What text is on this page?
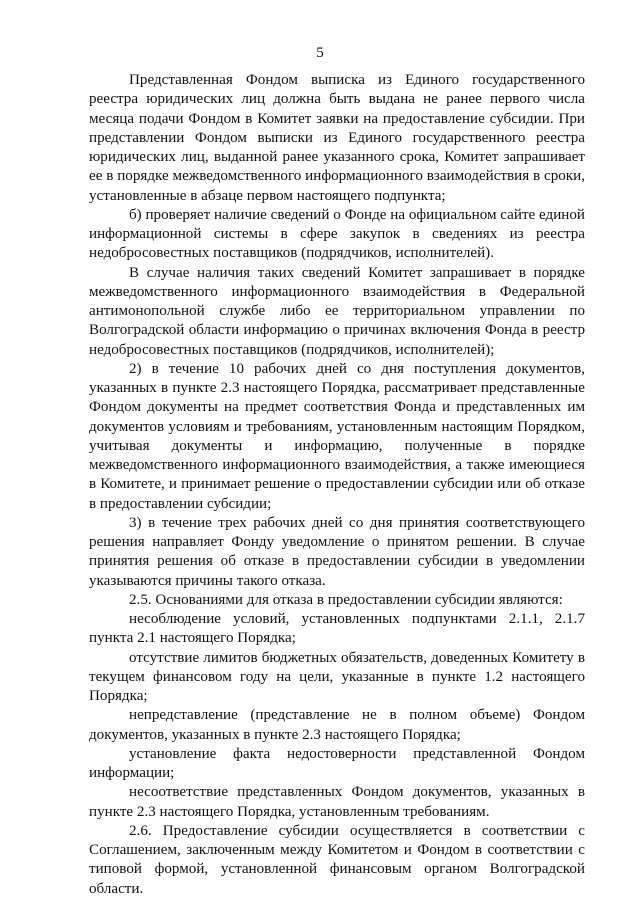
5

Представленная Фондом выписка из Единого государственного реестра юридических лиц должна быть выдана не ранее первого числа месяца подачи Фондом в Комитет заявки на предоставление субсидии. При представлении Фондом выписки из Единого государственного реестра юридических лиц, выданной ранее указанного срока, Комитет запрашивает ее в порядке межведомственного информационного взаимодействия в сроки, установленные в абзаце первом настоящего подпункта;

б) проверяет наличие сведений о Фонде на официальном сайте единой информационной системы в сфере закупок в сведениях из реестра недобросовестных поставщиков (подрядчиков, исполнителей).

В случае наличия таких сведений Комитет запрашивает в порядке межведомственного информационного взаимодействия в Федеральной антимонопольной службе либо ее территориальном управлении по Волгоградской области информацию о причинах включения Фонда в реестр недобросовестных поставщиков (подрядчиков, исполнителей);

2) в течение 10 рабочих дней со дня поступления документов, указанных в пункте 2.3 настоящего Порядка, рассматривает представленные Фондом документы на предмет соответствия Фонда и представленных им документов условиям и требованиям, установленным настоящим Порядком, учитывая документы и информацию, полученные в порядке межведомственного информационного взаимодействия, а также имеющиеся в Комитете, и принимает решение о предоставлении субсидии или об отказе в предоставлении субсидии;

3) в течение трех рабочих дней со дня принятия соответствующего решения направляет Фонду уведомление о принятом решении. В случае принятия решения об отказе в предоставлении субсидии в уведомлении указываются причины такого отказа.

2.5. Основаниями для отказа в предоставлении субсидии являются:

несоблюдение условий, установленных подпунктами 2.1.1, 2.1.7 пункта 2.1 настоящего Порядка;

отсутствие лимитов бюджетных обязательств, доведенных Комитету в текущем финансовом году на цели, указанные в пункте 1.2 настоящего Порядка;

непредставление (представление не в полном объеме) Фондом документов, указанных в пункте 2.3 настоящего Порядка;

установление факта недостоверности представленной Фондом информации;

несоответствие представленных Фондом документов, указанных в пункте 2.3 настоящего Порядка, установленным требованиям.

2.6. Предоставление субсидии осуществляется в соответствии с Соглашением, заключенным между Комитетом и Фондом в соответствии с типовой формой, установленной финансовым органом Волгоградской области.
